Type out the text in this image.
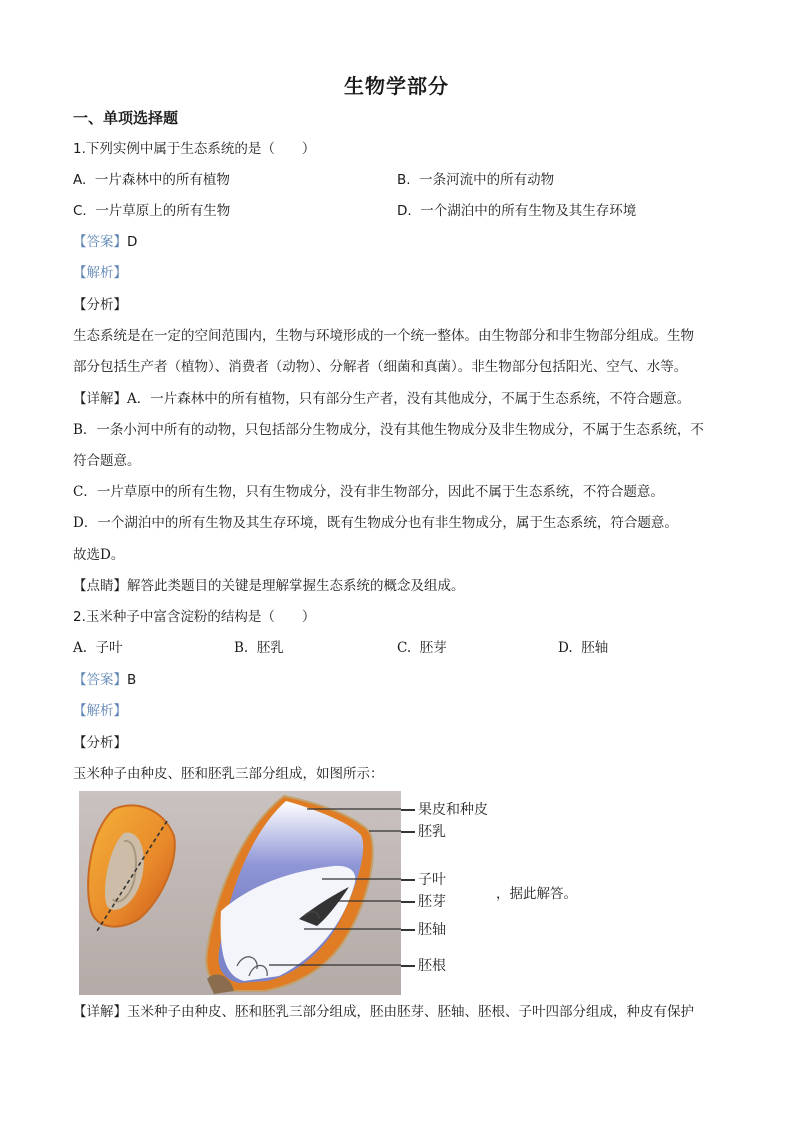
生物学部分
一、单项选择题
1.下列实例中属于生态系统的是（　　）
A. 一片森林中的所有植物	B. 一条河流中的所有动物
C. 一片草原上的所有生物	D. 一个湖泊中的所有生物及其生存环境
【答案】D
【解析】
【分析】
生态系统是在一定的空间范围内，生物与环境形成的一个统一整体。由生物部分和非生物部分组成。生物
部分包括生产者（植物）、消费者（动物）、分解者（细菌和真菌）。非生物部分包括阳光、空气、水等。
【详解】A．一片森林中的所有植物，只有部分生产者，没有其他成分，不属于生态系统，不符合题意。
B．一条小河中所有的动物，只包括部分生物成分，没有其他生物成分及非生物成分，不属于生态系统，不
符合题意。
C．一片草原中的所有生物，只有生物成分，没有非生物部分，因此不属于生态系统，不符合题意。
D．一个湖泊中的所有生物及其生存环境，既有生物成分也有非生物成分，属于生态系统，符合题意。
故选D。
【点睛】解答此类题目的关键是理解掌握生态系统的概念及组成。
2.玉米种子中富含淀粉的结构是（　　）
A. 子叶	B. 胚乳	C. 胚芽	D. 胚轴
【答案】B
【解析】
【分析】
玉米种子由种皮、胚和胚乳三部分组成，如图所示：
果皮和种皮
胚乳
子叶
胚芽
胚轴
胚根
，据此解答。
【详解】玉米种子由种皮、胚和胚乳三部分组成，胚由胚芽、胚轴、胚根、子叶四部分组成，种皮有保护
